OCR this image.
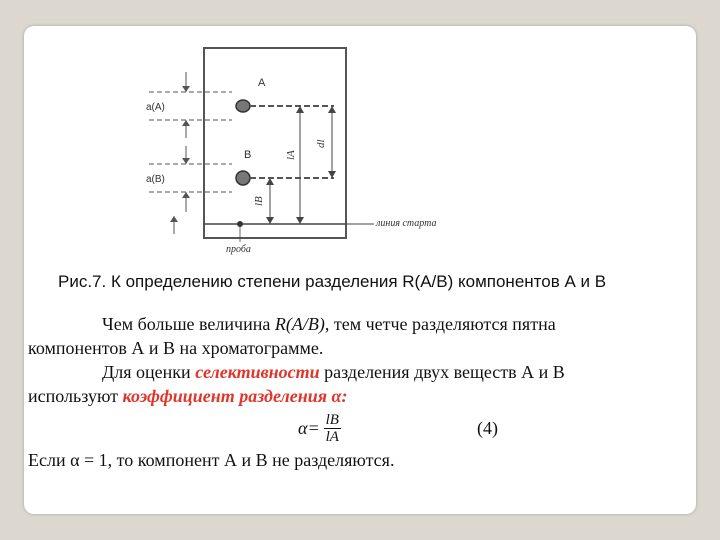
A
B
a(A)
a(B)
lA
lB
dl
линия старта
проба
Рис.7. К определению степени разделения R(A/B) компонентов А и В
Чем больше величина R(A/B), тем четче разделяются пятна
компонентов А и В на хроматограмме.
Для оценки селективности разделения двух веществ А и В
используют коэффициент разделения α:
$\alpha= \frac{lB}{lA}$	(4)
Если α = 1, то компонент А и В не разделяются.
